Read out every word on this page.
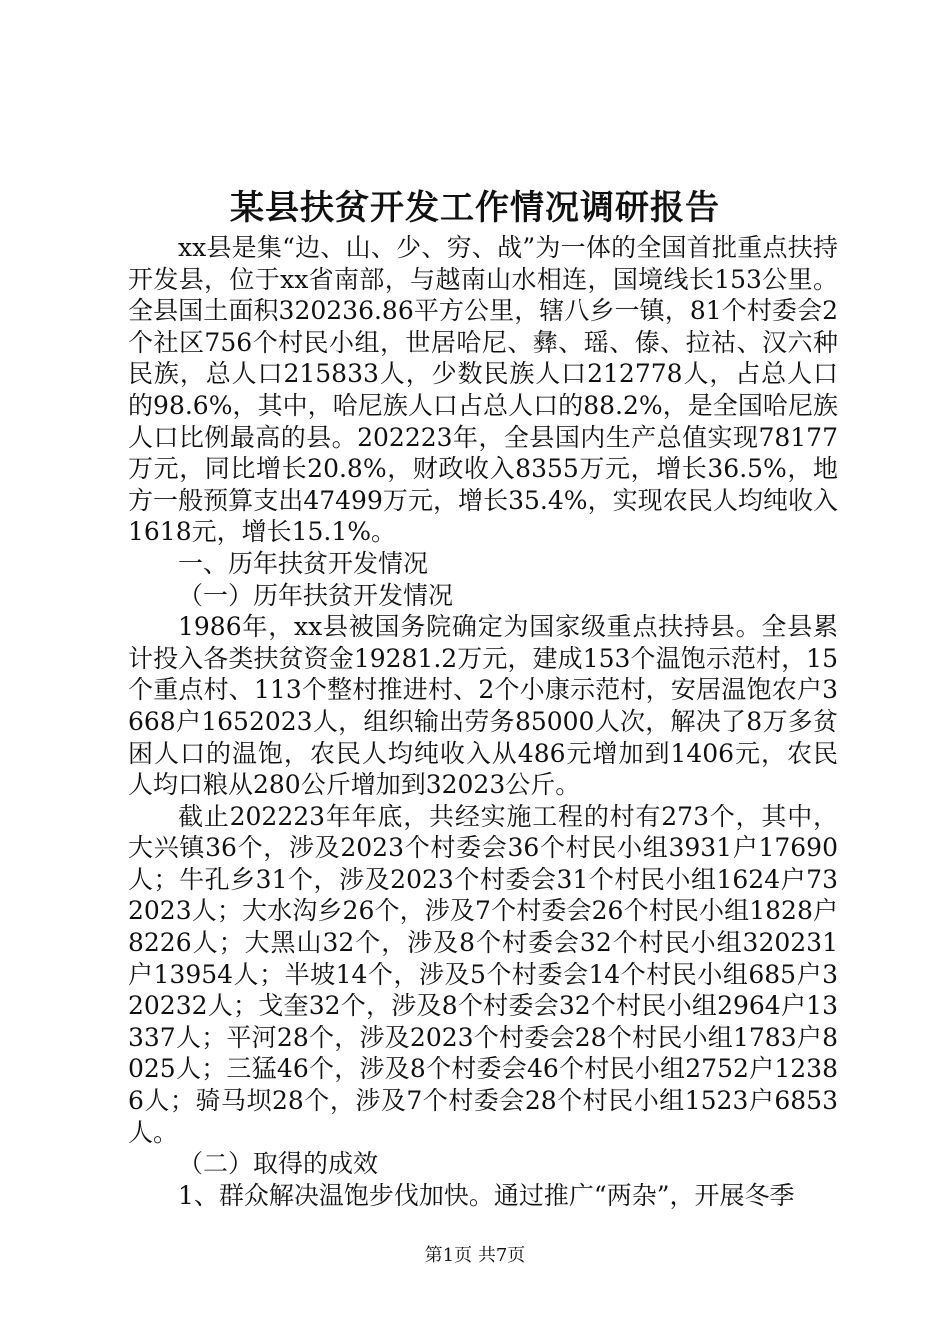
某县扶贫开发工作情况调研报告

xx县是集“边、山、少、穷、战”为一体的全国首批重点扶持开发县，位于xx省南部，与越南山水相连，国境线长153公里。全县国土面积320236.86平方公里，辖八乡一镇，81个村委会2个社区756个村民小组，世居哈尼、彝、瑶、傣、拉祜、汉六种民族，总人口215833人，少数民族人口212778人，占总人口的98.6%，其中，哈尼族人口占总人口的88.2%，是全国哈尼族人口比例最高的县。202223年，全县国内生产总值实现78177万元，同比增长20.8%，财政收入8355万元，增长36.5%，地方一般预算支出47499万元，增长35.4%，实现农民人均纯收入1618元，增长15.1%。

一、历年扶贫开发情况

（一）历年扶贫开发情况

1986年，xx县被国务院确定为国家级重点扶持县。全县累计投入各类扶贫资金19281.2万元，建成153个温饱示范村，15个重点村、113个整村推进村、2个小康示范村，安居温饱农户3668户1652023人，组织输出劳务85000人次，解决了8万多贫困人口的温饱，农民人均纯收入从486元增加到1406元，农民人均口粮从280公斤增加到32023公斤。

截止202223年年底，共经实施工程的村有273个，其中，大兴镇36个，涉及2023个村委会36个村民小组3931户17690人；牛孔乡31个，涉及2023个村委会31个村民小组1624户732023人；大水沟乡26个，涉及7个村委会26个村民小组1828户8226人；大黑山32个，涉及8个村委会32个村民小组320231户13954人；半坡14个，涉及5个村委会14个村民小组685户320232人；戈奎32个，涉及8个村委会32个村民小组2964户13337人；平河28个，涉及2023个村委会28个村民小组1783户8025人；三猛46个，涉及8个村委会46个村民小组2752户12386人；骑马坝28个，涉及7个村委会28个村民小组1523户6853人。

（二）取得的成效

1、群众解决温饱步伐加快。通过推广“两杂”，开展冬季

第1页 共7页
